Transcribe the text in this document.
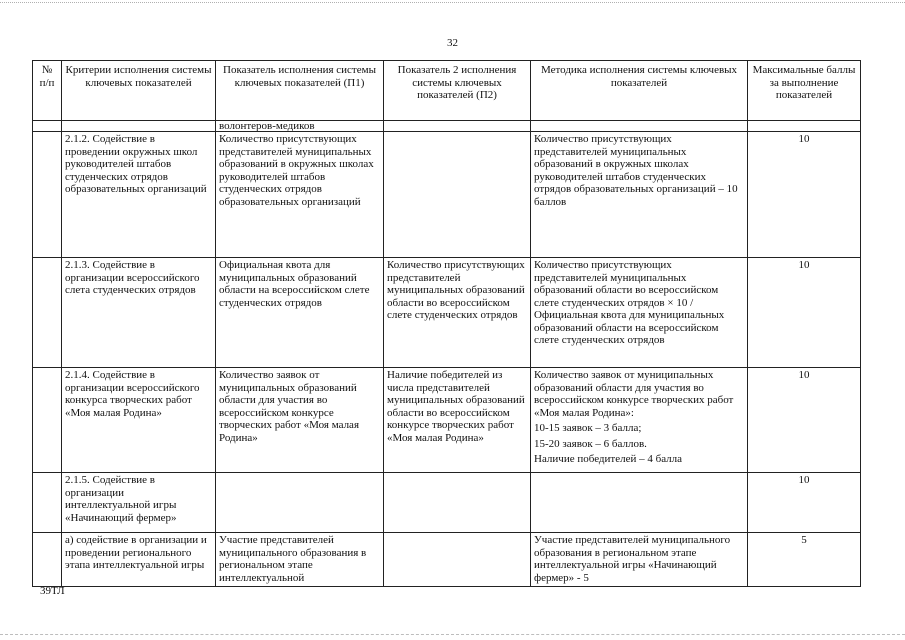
32
№ п/п	Критерии исполнения системы ключевых показателей	Показатель исполнения системы ключевых показателей (П1)	Показатель 2 исполнения системы ключевых показателей (П2)	Методика исполнения системы ключевых показателей	Максимальные баллы за выполнение показателей
		волонтеров-медиков			
	2.1.2. Содействие в проведении окружных школ руководителей штабов студенческих отрядов образовательных организаций	Количество присутствующих представителей муниципальных образований в окружных школах руководителей штабов студенческих отрядов образовательных организаций		Количество присутствующих представителей муниципальных образований в окружных школах руководителей штабов студенческих отрядов образовательных организаций – 10 баллов	10
	2.1.3. Содействие в организации всероссийского слета студенческих отрядов	Официальная квота для муниципальных образований области на всероссийском слете студенческих отрядов	Количество присутствующих представителей муниципальных образований области во всероссийском слете студенческих отрядов	Количество присутствующих представителей муниципальных образований области во всероссийском слете студенческих отрядов × 10 / Официальная квота для муниципальных образований области на всероссийском слете студенческих отрядов	10
	2.1.4. Содействие в организации всероссийского конкурса творческих работ «Моя малая Родина»	Количество заявок от муниципальных образований области для участия во всероссийском конкурсе творческих работ «Моя малая Родина»	Наличие победителей из числа представителей муниципальных образований области во всероссийском конкурсе творческих работ «Моя малая Родина»	Количество заявок от муниципальных образований области для участия во всероссийском конкурсе творческих работ «Моя малая Родина»:
10-15 заявок – 3 балла;
15-20 заявок – 6 баллов.
Наличие победителей – 4 балла	10
	2.1.5. Содействие в организации интеллектуальной игры «Начинающий фермер»				10
	а) содействие в организации и проведении регионального этапа интеллектуальной игры	Участие представителей муниципального образования в региональном этапе интеллектуальной		Участие представителей муниципального образования в региональном этапе интеллектуальной игры «Начинающий фермер» - 5	5
39ТЛ
